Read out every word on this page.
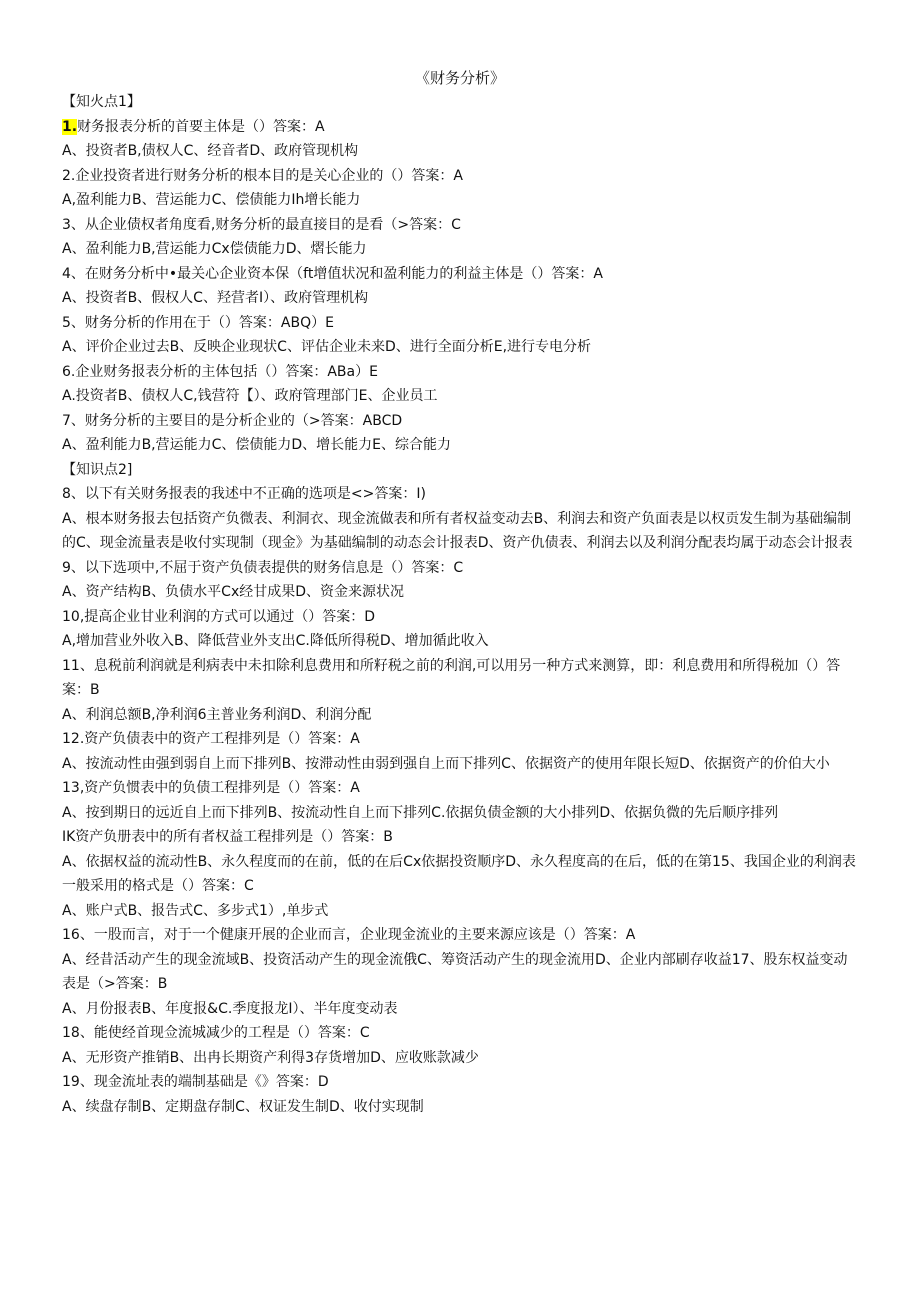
《财务分析》

【知火点1】

1.财务报表分析的首要主体是（）答案：A

A、投资者B,债权人C、经音者D、政府管现机构

2.企业投资者进行财务分析的根本目的是关心企业的（）答案：A

A,盈利能力B、营运能力C、偿债能力Ih增长能力

3、从企业债权者角度看,财务分析的最直接目的是看（>答案：C

A、盈利能力B,营运能力Cx偿债能力D、熠长能力

4、在财务分析中•最关心企业资本保（ft增值状况和盈利能力的利益主体是（）答案：A

A、投资者B、假权人C、羟营者I）、政府管理机构

5、财务分析的作用在于（）答案：ABQ）E

A、评价企业过去B、反映企业现状C、评估企业未来D、进行全面分析E,进行专电分析

6.企业财务报表分析的主体包括（）答案：ABa）E

A.投资者B、债权人C,钱营符【）、政府管理部门E、企业员工

7、财务分析的主要目的是分析企业的（>答案：ABCD

A、盈利能力B,营运能力C、偿债能力D、增长能力E、综合能力

【知识点2]

8、以下有关财务报表的我述中不正确的选项是<>答案：I)

A、根本财务报去包括资产负微表、利洞衣、现金流做表和所有者权益变动去B、利润去和资产负面表是以权贡发生制为基础编制的C、现金流量表是收付实现制（现金》为基础编制的动态会计报表D、资产仇债表、利润去以及利润分配表均属于动态会计报表

9、以下选项中,不屈于资产负债表提供的财务信息是（）答案：C

A、资产结构B、负债水平Cx经甘成果D、资金来源状况

10,提高企业甘业利润的方式可以通过（）答案：D

A,增加营业外收入B、降低营业外支出C.降低所得税D、增加循此收入

11、息税前利润就是利病表中未扣除利息费用和所籽税之前的利润,可以用另一种方式来测算，即：利息费用和所得税加（）答案：B

A、利润总额B,净利润6主普业务利润D、利润分配

12.资产负债表中的资产工程排列是（）答案：A

A、按流动性由强到弱自上而下排列B、按滞动性由弱到强自上而下排列C、依据资产的使用年限长短D、依据资产的价伯大小

13,资产负惯表中的负债工程排列是（）答案：A

A、按到期日的远近自上而下排列B、按流动性自上而下排列C.依据负债金额的大小排列D、依据负微的先后顺序排列

IK资产负册表中的所有者权益工程排列是（）答案：B

A、依据权益的流动性B、永久程度而的在前，低的在后Cx依据投资顺序D、永久程度高的在后，低的在第15、我国企业的利润表一般采用的格式是（）答案：C

A、账户式B、报告式C、多步式1）,单步式

16、一股而言，对于一个健康开展的企业而言，企业现金流业的主要来源应该是（）答案：A

A、经昔活动产生的现金流域B、投资活动产生的现金流俄C、筹资活动产生的现金流用D、企业内部刷存收益17、股东权益变动表是（>答案：B

A、月份报表B、年度报&C.季度报龙I）、半年度变动表

18、能使经首现佥流城减少的工程是（）答案：C

A、无形资产推销B、出冉长期资产利得3存货增加D、应收账款减少

19、现金流址表的端制基础是《》答案：D

A、续盘存制B、定期盘存制C、权证发生制D、收付实现制
